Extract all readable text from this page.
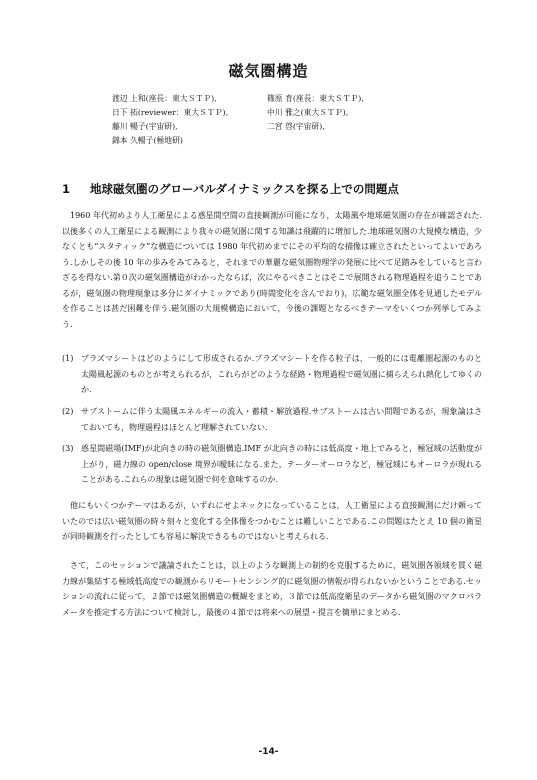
磁気圏構造
渡辺 上和(座長：東大ＳＴＰ),	篠原 育(座長：東大ＳＴＰ),
日下 拓(reviewer：東大ＳＴＰ),	中川 雅之(東大ＳＴＰ),
藤川 暢子(宇宙研),	二宮 啓(宇宙研),
錦本 久暢子(極地研)
1 地球磁気圏のグローバルダイナミックスを探る上での問題点
1960 年代初めより人工衛星による惑星間空間の直接観測が可能になり，太陽風や地球磁気圏の存在が確認された.以後多くの人工衛星による観測により我々の磁気圏に関する知識は飛躍的に増加した.地球磁気圏の大規模な構造，少なくとも“スタティック”な構造については 1980 年代初めまでにその平均的な描像は確立されたといってよいであろう.しかしその後 10 年の歩みをみてみると，それまでの華麗な磁気圏物理学の発展に比べて足踏みをしていると言わざるを得ない.第０次の磁気圏構造がわかったならば，次にやるべきことはそこで展開される物理過程を追うことであるが，磁気圏の物理現象は多分にダイナミックであり(時間変化を含んでおり)，広範な磁気圏全体を見通したモデルを作ることは甚だ困難を伴う.磁気圏の大規模構造において，今後の課題となるべきテーマをいくつか列挙してみよう.
(1) プラズマシートはどのようにして形成されるか.プラズマシートを作る粒子は，一般的には電離圏起源のものと太陽風起源のものとが考えられるが，これらがどのような経路・物理過程で磁気圏に捕らえられ熱化してゆくのか.
(2) サブストームに伴う太陽風エネルギーの流入・蓄積・解放過程.サブストームは古い問題であるが，現象論はさておいても，物理過程はほとんど理解されていない.
(3) 惑星間磁場(IMF)が北向きの時の磁気圏構造.IMF が北向きの時には低高度・地上でみると，極冠域の活動度が上がり，磁力線の open/close 境界が曖昧になる.また，テーターオーロラなど，極冠域にもオーロラが現れることがある.これらの現象は磁気圏で何を意味するのか.
他にもいくつかテーマはあるが，いずれにせよネックになっていることは，人工衛星による直接観測にだけ頼っていたのでは広い磁気圏の時々刻々と変化する全体像をつかむことは難しいことである.この問題はたとえ 10 個の衛星が同時観測を行ったとしても容易に解決できるものではないと考えられる.
さて，このセッションで議論されたことは，以上のような観測上の制約を克服するために，磁気圏各領域を貫く磁力線が集結する極域低高度での観測からリモートセンシング的に磁気圏の情報が得られないかということである.セッションの流れに従って，２節では磁気圏構造の概観をまとめ，３節では低高度衛星のデータから磁気圏のマクロパラメータを推定する方法について検討し，最後の４節では将来への展望・提言を簡単にまとめる.
-14-
